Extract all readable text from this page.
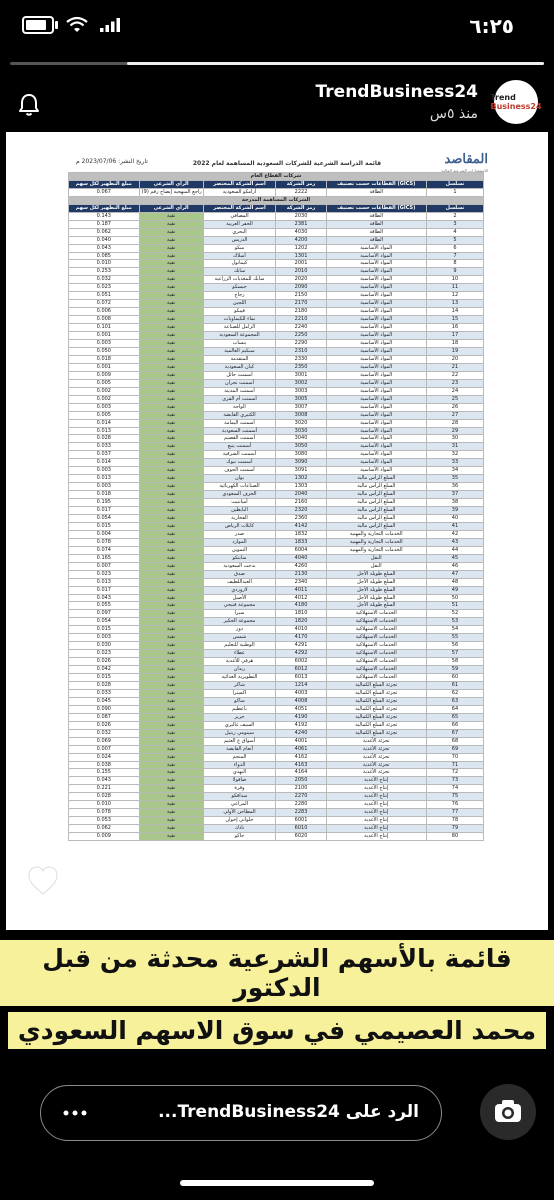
٦:٢٥
TrendBusiness24
منذ ٥س
Trend
Business24
المقاصد
للاستشارات الشرعية المالية
قائمة الدراسة الشرعية للشركات السعودية المساهمة لعام 2022
تاريخ النشر: 2023/07/06 م
شركات القطاع العام					
مبلغ التطهير لكل سهم	الرأي الشرعي	اسم الشركة المختصر	رمز الشركة	القطاعات حسب تصنيف (GICS)	تسلسل
0.067	راجع المنهجية إيضاح رقم (9)	أرامكو السعودية	2222	الطاقة	1
الشركات المساهمة المدرجة					
مبلغ التطهير لكل سهم	الرأي الشرعي	اسم الشركة المختصر	رمز الشركة	القطاعات حسب تصنيف (GICS)	تسلسل
0.143	نقية	المصافي	2030	الطاقة	2
0.187	نقية	الحفر العربية	2381	الطاقة	3
0.062	نقية	البحري	4030	الطاقة	4
0.040	نقية	الدريس	4200	الطاقة	5
0.043	نقية	مبكو	1202	المواد الأساسية	6
0.085	نقية	أسلاك	1301	المواد الأساسية	7
0.010	نقية	كيمانول	2001	المواد الأساسية	8
0.253	نقية	سابك	2010	المواد الأساسية	9
0.032	نقية	سابك للمغذيات الزراعية	2020	المواد الأساسية	10
0.023	نقية	جبسكو	2090	المواد الأساسية	11
0.051	نقية	زجاج	2150	المواد الأساسية	12
0.072	نقية	اللجين	2170	المواد الأساسية	13
0.006	نقية	فيبكو	2180	المواد الأساسية	14
0.008	نقية	نماء للكيماويات	2210	المواد الأساسية	15
0.101	نقية	الزامل للصناعة	2240	المواد الأساسية	16
0.001	نقية	المجموعة السعودية	2250	المواد الأساسية	17
0.003	نقية	ينساب	2290	المواد الأساسية	18
0.050	نقية	سبكيم العالمية	2310	المواد الأساسية	19
0.018	نقية	المتقدمة	2330	المواد الأساسية	20
0.001	نقية	كيان السعودية	2350	المواد الأساسية	21
0.009	نقية	أسمنت حائل	3001	المواد الأساسية	22
0.005	نقية	أسمنت نجران	3002	المواد الأساسية	23
0.002	نقية	أسمنت المدينة	3003	المواد الأساسية	24
0.002	نقية	أسمنت أم القرى	3005	المواد الأساسية	25
0.003	نقية	الواحة	3007	المواد الأساسية	26
0.005	نقية	الكثيري القابضة	3008	المواد الأساسية	27
0.014	نقية	أسمنت اليمامة	3020	المواد الأساسية	28
0.013	نقية	أسمنت السعودية	3030	المواد الأساسية	29
0.028	نقية	أسمنت القصيم	3040	المواد الأساسية	30
0.033	نقية	أسمنت ينبع	3050	المواد الأساسية	31
0.037	نقية	أسمنت الشرقية	3080	المواد الأساسية	32
0.014	نقية	أسمنت تبوك	3090	المواد الأساسية	33
0.003	نقية	أسمنت الجوف	3091	المواد الأساسية	34
0.013	نقية	بوان	1302	السلع الرأس مالية	35
0.003	نقية	الصناعات الكهربائية	1303	السلع الرأس مالية	36
0.018	نقية	الخزف السعودي	2040	السلع الرأس مالية	37
0.195	نقية	أميانتيت	2160	السلع الرأس مالية	38
0.017	نقية	البابطين	2320	السلع الرأس مالية	39
0.054	نقية	الفخارية	2360	السلع الرأس مالية	40
0.015	نقية	كابلات الرياض	4142	السلع الرأس مالية	41
0.004	نقية	صدر	1832	الخدمات التجارية والمهنية	42
0.078	نقية	الموارد	1833	الخدمات التجارية والمهنية	43
0.074	نقية	التموين	6004	الخدمات التجارية والمهنية	44
0.165	نقية	سابتكو	4040	النقل	45
0.007	نقية	بدجت السعودية	4260	النقل	46
0.023	نقية	صدق	2130	السلع طويلة الأجل	47
0.013	نقية	العبداللطيف	2340	السلع طويلة الأجل	48
0.017	نقية	لازوردي	4011	السلع طويلة الأجل	49
0.043	نقية	الأصيل	4012	السلع طويلة الأجل	50
0.055	نقية	مجموعة فتيحي	4180	السلع طويلة الأجل	51
0.097	نقية	سيرا	1810	الخدمات الاستهلاكية	52
0.054	نقية	مجموعة الحكير	1820	الخدمات الاستهلاكية	53
0.015	نقية	دور	4010	الخدمات الاستهلاكية	54
0.003	نقية	شمس	4170	الخدمات الاستهلاكية	55
0.030	نقية	الوطنية للتعليم	4291	الخدمات الاستهلاكية	56
0.023	نقية	عطاء	4292	الخدمات الاستهلاكية	57
0.026	نقية	هرفي للأغذية	6002	الخدمات الاستهلاكية	58
0.042	نقية	ريدان	6012	الخدمات الاستهلاكية	59
0.015	نقية	التطويرية الغذائية	6013	الخدمات الاستهلاكية	60
0.028	نقية	شاكر	1214	تجزئة السلع الكمالية	61
0.033	نقية	اكسترا	4003	تجزئة السلع الكمالية	62
0.045	نقية	ساكو	4008	تجزئة السلع الكمالية	63
0.090	نقية	باعظيم	4051	تجزئة السلع الكمالية	64
0.087	نقية	جرير	4190	تجزئة السلع الكمالية	65
0.026	نقية	السيف غاليري	4192	تجزئة السلع الكمالية	66
0.032	نقية	سينومي ريتيل	4240	تجزئة السلع الكمالية	67
0.069	نقية	أسواق ع العثيم	4001	تجزئة الأغذية	68
0.007	نقية	أنعام القابضة	4061	تجزئة الأغذية	69
0.024	نقية	المنجم	4162	تجزئة الأغذية	70
0.038	نقية	الدواء	4163	تجزئة الأغذية	71
0.155	نقية	النهدي	4164	تجزئة الأغذية	72
0.043	نقية	صافولا	2050	إنتاج الأغذية	73
0.221	نقية	وفرة	2100	إنتاج الأغذية	74
0.028	نقية	سدافكو	2270	إنتاج الأغذية	75
0.010	نقية	المراعي	2280	إنتاج الأغذية	76
0.078	نقية	المطاحن الأولى	2283	إنتاج الأغذية	77
0.053	نقية	حلواني إخوان	6001	إنتاج الأغذية	78
0.062	نقية	نادك	6010	إنتاج الأغذية	79
0.009	نقية	جاكو	6020	إنتاج الأغذية	80
قائمة بالأسهم الشرعية محدثة من قبل الدكتور
محمد العصيمي في سوق الاسهم السعودي
الرد على TrendBusiness24...
